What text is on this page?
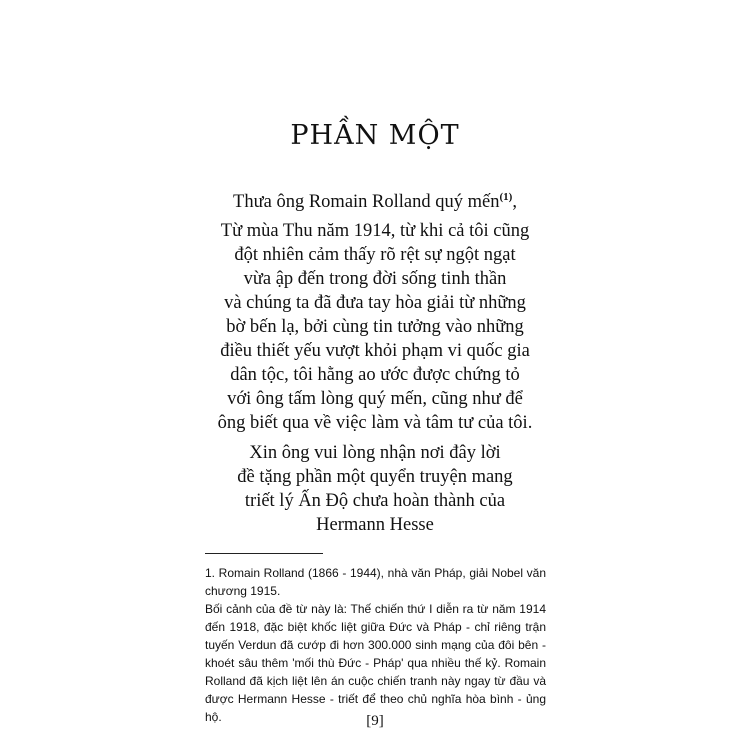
PHẦN MỘT

Thưa ông Romain Rolland quý mến$^{(1)}$,

Từ mùa Thu năm 1914, từ khi cả tôi cũng

đột nhiên cảm thấy rõ rệt sự ngột ngạt

vừa ập đến trong đời sống tinh thần

và chúng ta đã đưa tay hòa giải từ những

bờ bến lạ, bởi cùng tin tưởng vào những

điều thiết yếu vượt khỏi phạm vi quốc gia

dân tộc, tôi hằng ao ước được chứng tỏ

với ông tấm lòng quý mến, cũng như để

ông biết qua về việc làm và tâm tư của tôi.

Xin ông vui lòng nhận nơi đây lời

đề tặng phần một quyển truyện mang

triết lý Ấn Độ chưa hoàn thành của

Hermann Hesse

1. Romain Rolland (1866 - 1944), nhà văn Pháp, giải Nobel văn chương 1915.

Bối cảnh của đề từ này là: Thế chiến thứ I diễn ra từ năm 1914 đến 1918, đặc biệt khốc liệt giữa Đức và Pháp - chỉ riêng trận tuyến Verdun đã cướp đi hơn 300.000 sinh mạng của đôi bên - khoét sâu thêm 'mối thù Đức - Pháp' qua nhiều thế kỷ. Romain Rolland đã kịch liệt lên án cuộc chiến tranh này ngay từ đầu và được Hermann Hesse - triết để theo chủ nghĩa hòa bình - ủng hộ.	[9]
